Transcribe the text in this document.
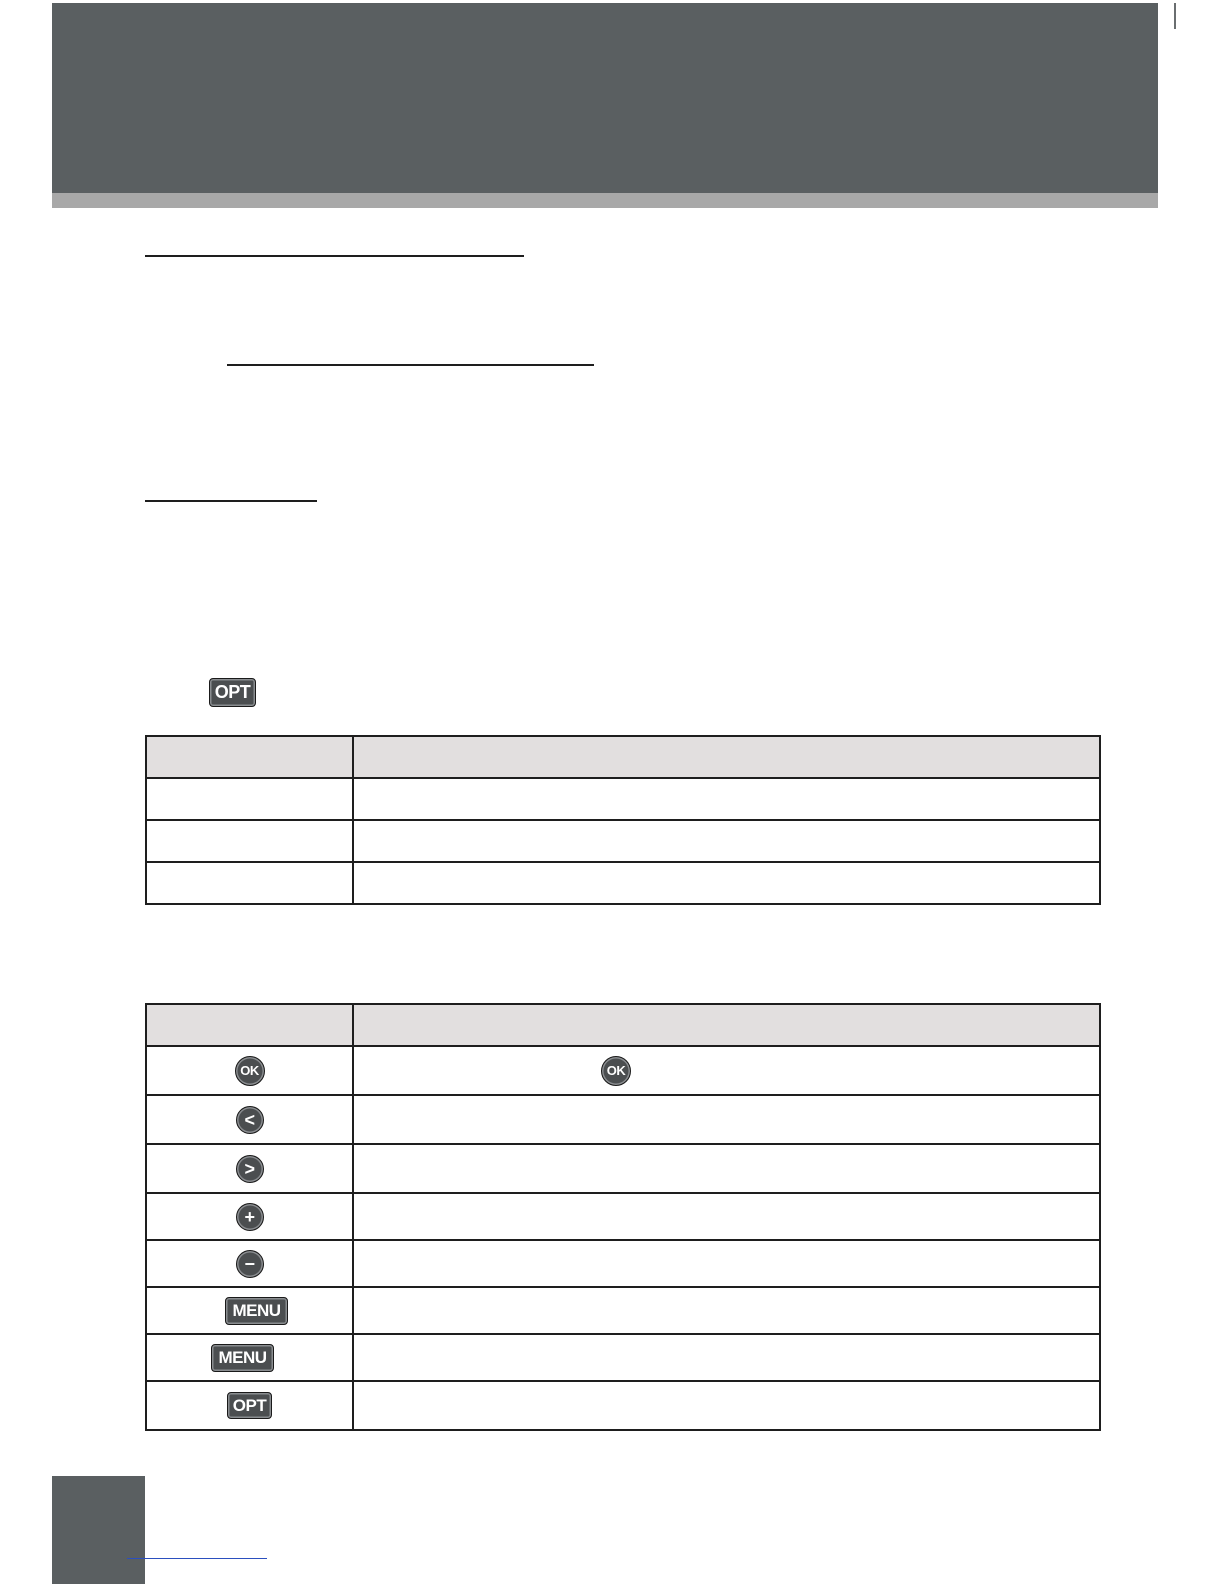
OPT

OK	OK

<	
>	
+	
−	
MENU	
MENU	
OPT	
